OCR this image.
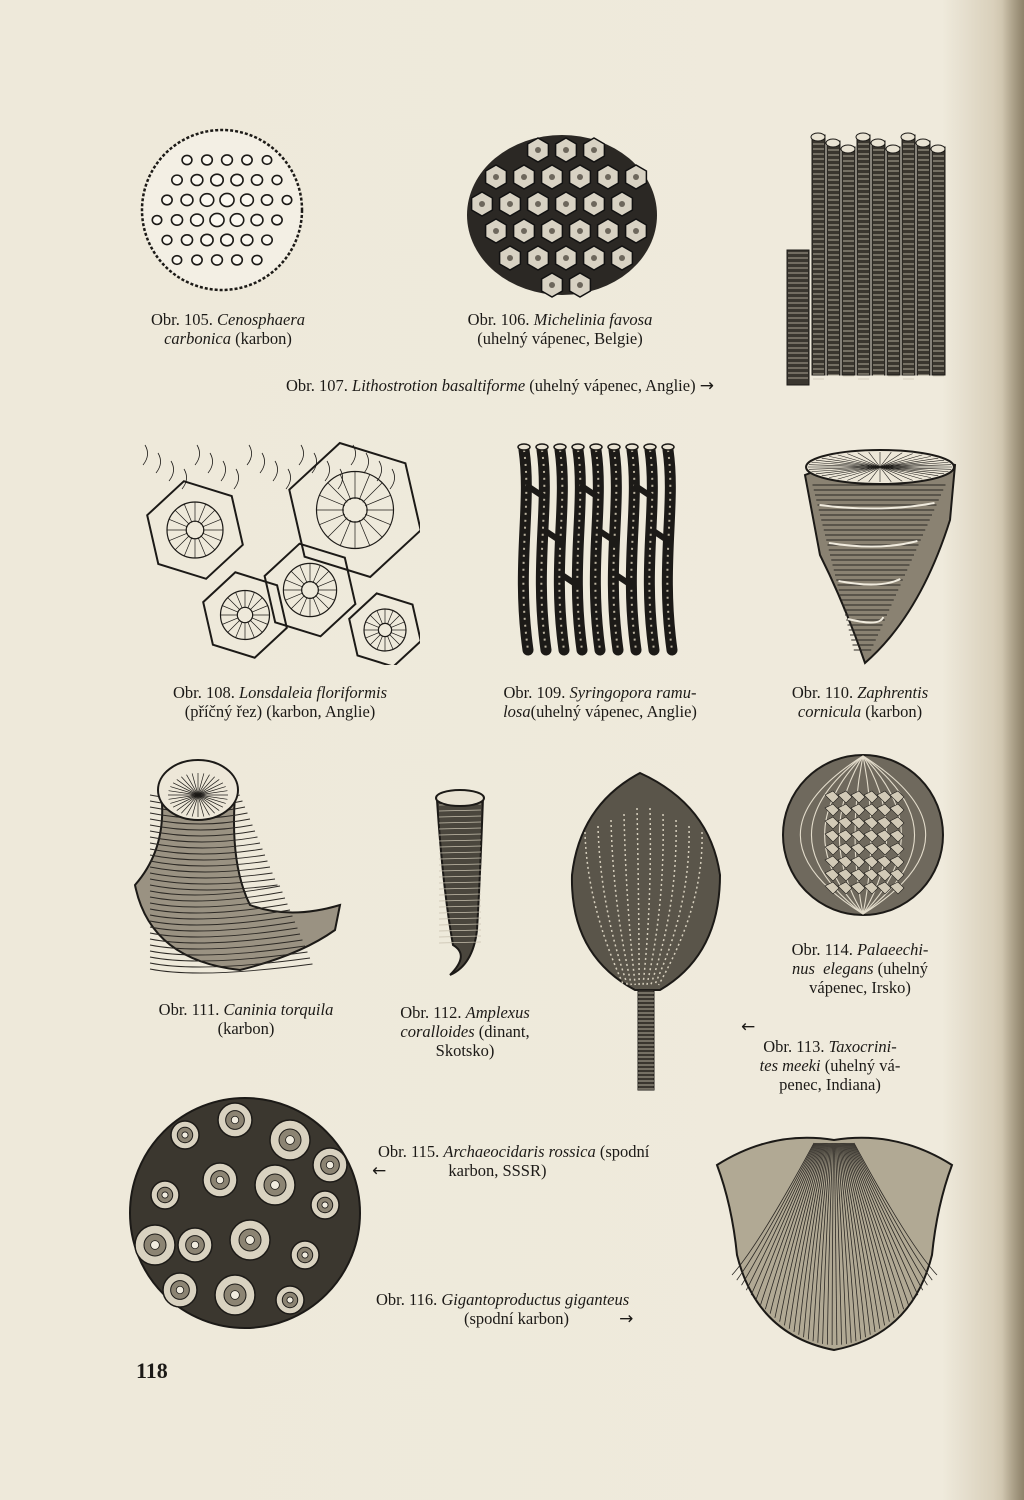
Obr. 105. Cenosphaera
carbonica (karbon)
Obr. 106. Michelinia favosa
(uhelný vápenec, Belgie)
Obr. 107. Lithostrotion basaltiforme (uhelný vápenec, Anglie) →
Obr. 108. Lonsdaleia floriformis
(příčný řez) (karbon, Anglie)
Obr. 109. Syringopora ramu-
losa(uhelný vápenec, Anglie)
Obr. 110. Zaphrentis
cornicula (karbon)
Obr. 111. Caninia torquila
(karbon)
Obr. 112. Amplexus
coralloides (dinant,
Skotsko)
←
Obr. 113. Taxocrini-
tes meeki (uhelný vá-
penec, Indiana)
Obr. 114. Palaeechi-
nus elegans (uhelný
vápenec, Irsko)
Obr. 115. Archaeocidaris rossica (spodní
←	karbon, SSSR)
Obr. 116. Gigantoproductus giganteus
(spodní karbon)	→
118
